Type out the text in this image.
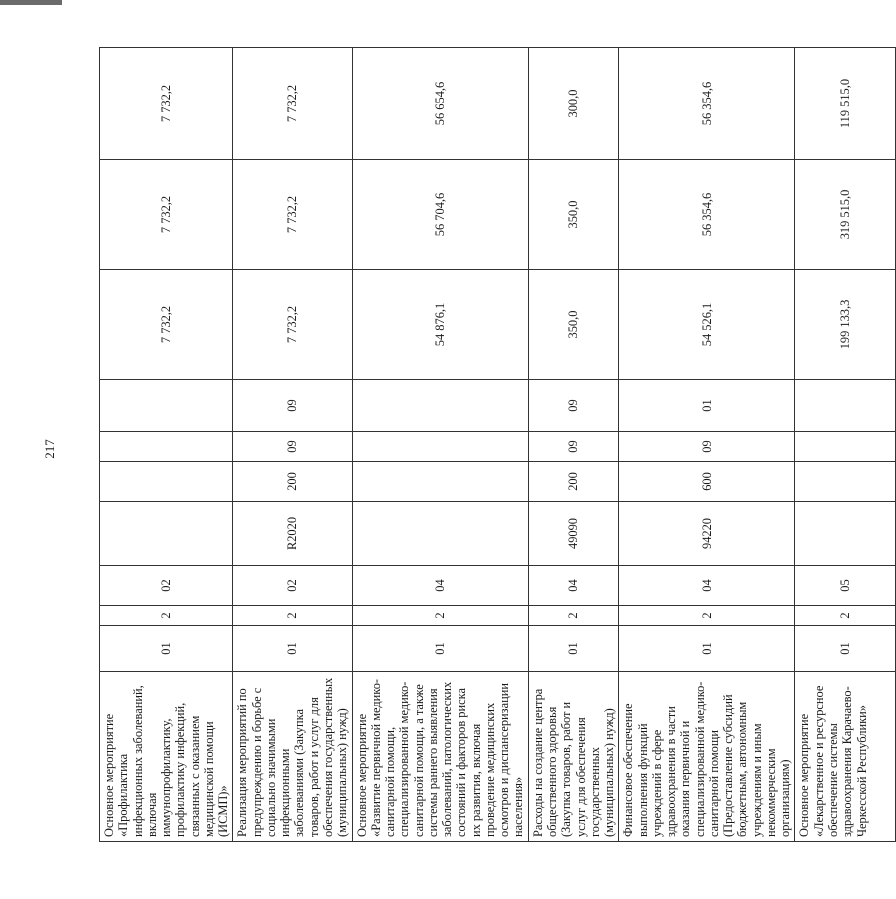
217
Основное мероприятие «Профилактика инфекционных заболеваний, включая иммунопрофилактику, профилактику инфекций, связанных с оказанием медицинской помощи (ИСМП)»	01	2	02					7 732,2	7 732,2	7 732,2
Реализация мероприятий по предупреждению и борьбе с социально значимыми инфекционными заболеваниями (Закупка товаров, работ и услуг для обеспечения государственных (муниципальных) нужд)	01	2	02	R2020	200	09	09	7 732,2	7 732,2	7 732,2
Основное мероприятие «Развитие первичной медико-санитарной помощи, специализированной медико-санитарной помощи, а также системы раннего выявления заболеваний, патологических состояний и факторов риска их развития, включая проведение медицинских осмотров и диспансеризации населения»	01	2	04					54 876,1	56 704,6	56 654,6
Расходы на создание центра общественного здоровья (Закупка товаров, работ и услуг для обеспечения государственных (муниципальных) нужд)	01	2	04	49090	200	09	09	350,0	350,0	300,0
Финансовое обеспечение выполнения функций учреждений в сфере здравоохранения в части оказания первичной и специализированной медико-санитарной помощи (Предоставление субсидий бюджетным, автономным учреждениям и иным некоммерческим организациям)	01	2	04	94220	600	09	01	54 526,1	56 354,6	56 354,6
Основное мероприятие «Лекарственное и ресурсное обеспечение системы здравоохранения Карачаево-Черкесской Республики»	01	2	05					199 133,3	319 515,0	119 515,0
